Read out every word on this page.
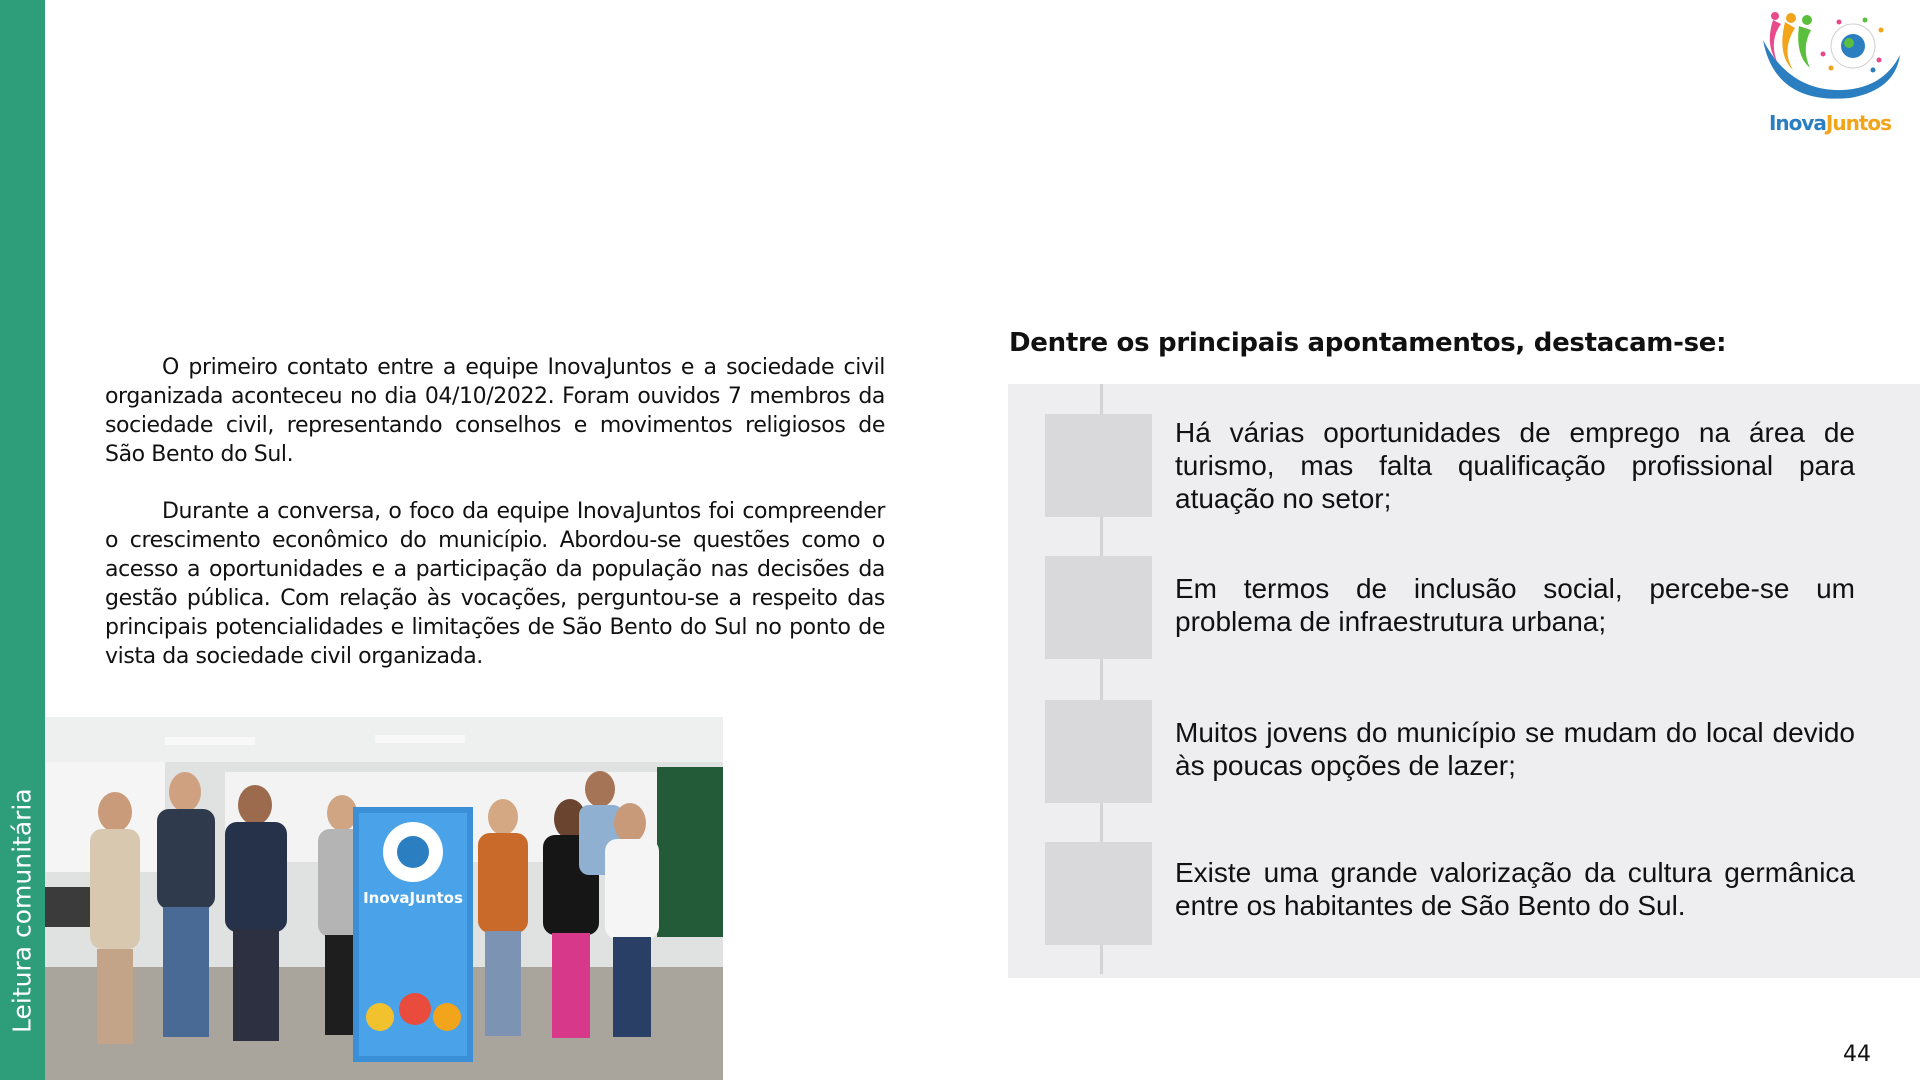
Leitura comunitária
InovaJuntos

O primeiro contato entre a equipe InovaJuntos e a sociedade civil organizada aconteceu no dia 04/10/2022. Foram ouvidos 7 membros da sociedade civil, representando conselhos e movimentos religiosos de São Bento do Sul.

Durante a conversa, o foco da equipe InovaJuntos foi compreender o crescimento econômico do município. Abordou-se questões como o acesso a oportunidades e a participação da população nas decisões da gestão pública. Com relação às vocações, perguntou-se a respeito das principais potencialidades e limitações de São Bento do Sul no ponto de vista da sociedade civil organizada.

InovaJuntos
Dentre os principais apontamentos, destacam-se:

Há várias oportunidades de emprego na área de turismo, mas falta qualificação profissional para atuação no setor;

Em termos de inclusão social, percebe-se um problema de infraestrutura urbana;

Muitos jovens do município se mudam do local devido às poucas opções de lazer;

Existe uma grande valorização da cultura germânica entre os habitantes de São Bento do Sul.

44
